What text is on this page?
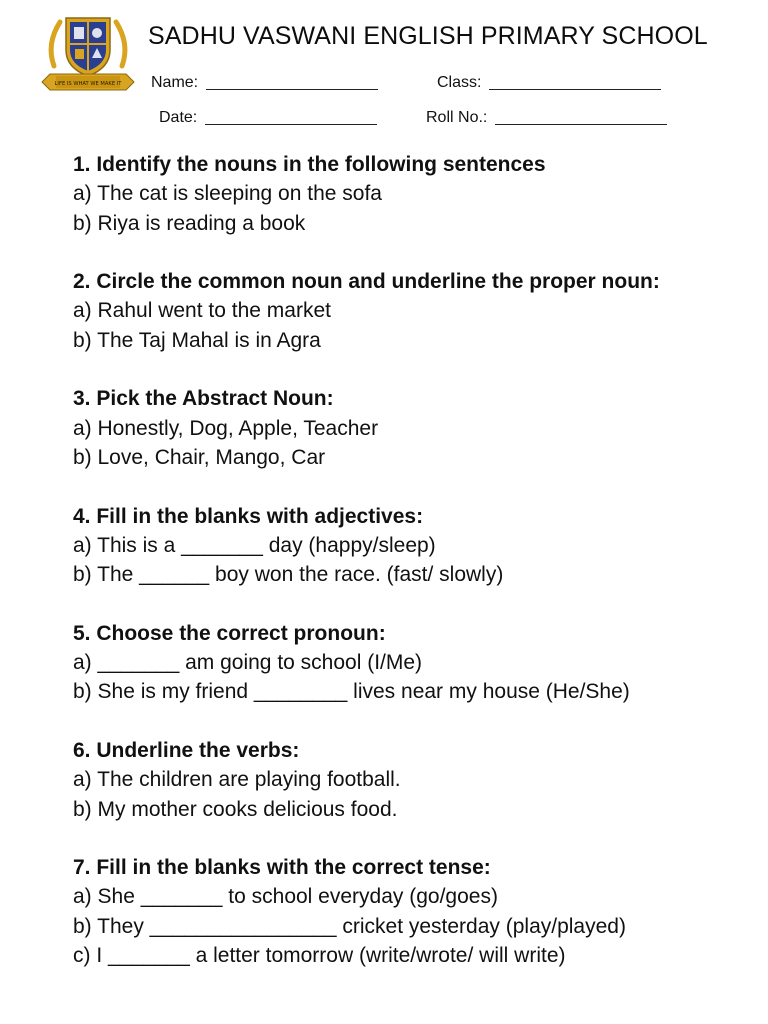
LIFE IS WHAT WE MAKE IT
SADHU VASWANI ENGLISH PRIMARY SCHOOL
Name:	Class:
Date:	Roll No.:
1. Identify the nouns in the following sentences
a) The cat is sleeping on the sofa
b) Riya is reading a book
2. Circle the common noun and underline the proper noun:
a) Rahul went to the market
b) The Taj Mahal is in Agra
3. Pick the Abstract Noun:
a) Honestly, Dog, Apple, Teacher
b) Love, Chair, Mango, Car
4. Fill in the blanks with adjectives:
a) This is a _______ day (happy/sleep)
b) The ______ boy won the race. (fast/ slowly)
5. Choose the correct pronoun:
a) _______ am going to school (I/Me)
b) She is my friend ________ lives near my house (He/She)
6. Underline the verbs:
a) The children are playing football.
b) My mother cooks delicious food.
7. Fill in the blanks with the correct tense:
a) She _______ to school everyday (go/goes)
b) They ________________ cricket yesterday (play/played)
c) I _______ a letter tomorrow (write/wrote/ will write)
